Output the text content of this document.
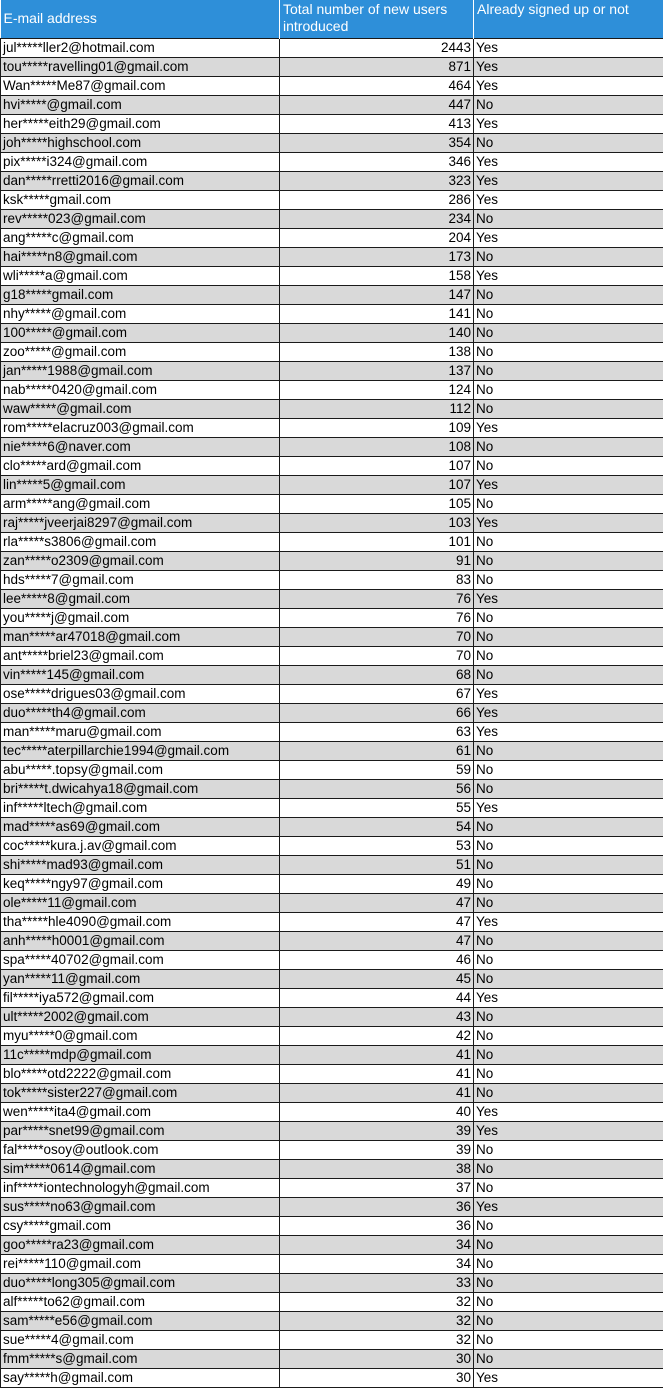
E-mail address	Total number of new users introduced	Already signed up or not
jul*****ller2@hotmail.com	2443	Yes
tou*****ravelling01@gmail.com	871	Yes
Wan*****Me87@gmail.com	464	Yes
hvi*****@gmail.com	447	No
her*****eith29@gmail.com	413	Yes
joh*****highschool.com	354	No
pix*****i324@gmail.com	346	Yes
dan*****rretti2016@gmail.com	323	Yes
ksk*****gmail.com	286	Yes
rev*****023@gmail.com	234	No
ang*****c@gmail.com	204	Yes
hai*****n8@gmail.com	173	No
wli*****a@gmail.com	158	Yes
g18*****gmail.com	147	No
nhy*****@gmail.com	141	No
100*****@gmail.com	140	No
zoo*****@gmail.com	138	No
jan*****1988@gmail.com	137	No
nab*****0420@gmail.com	124	No
waw*****@gmail.com	112	No
rom*****elacruz003@gmail.com	109	Yes
nie*****6@naver.com	108	No
clo*****ard@gmail.com	107	No
lin*****5@gmail.com	107	Yes
arm*****ang@gmail.com	105	No
raj*****jveerjai8297@gmail.com	103	Yes
rla*****s3806@gmail.com	101	No
zan*****o2309@gmail.com	91	No
hds*****7@gmail.com	83	No
lee*****8@gmail.com	76	Yes
you*****j@gmail.com	76	No
man*****ar47018@gmail.com	70	No
ant*****briel23@gmail.com	70	No
vin*****145@gmail.com	68	No
ose*****drigues03@gmail.com	67	Yes
duo*****th4@gmail.com	66	Yes
man*****maru@gmail.com	63	Yes
tec*****aterpillarchie1994@gmail.com	61	No
abu*****.topsy@gmail.com	59	No
bri*****t.dwicahya18@gmail.com	56	No
inf*****ltech@gmail.com	55	Yes
mad*****as69@gmail.com	54	No
coc*****kura.j.av@gmail.com	53	No
shi*****mad93@gmail.com	51	No
keq*****ngy97@gmail.com	49	No
ole*****11@gmail.com	47	No
tha*****hle4090@gmail.com	47	Yes
anh*****h0001@gmail.com	47	No
spa*****40702@gmail.com	46	No
yan*****11@gmail.com	45	No
fil*****iya572@gmail.com	44	Yes
ult*****2002@gmail.com	43	No
myu*****0@gmail.com	42	No
11c*****mdp@gmail.com	41	No
blo*****otd2222@gmail.com	41	No
tok*****sister227@gmail.com	41	No
wen*****ita4@gmail.com	40	Yes
par*****snet99@gmail.com	39	Yes
fal*****osoy@outlook.com	39	No
sim*****0614@gmail.com	38	No
inf*****iontechnologyh@gmail.com	37	No
sus*****no63@gmail.com	36	Yes
csy*****gmail.com	36	No
goo*****ra23@gmail.com	34	No
rei*****110@gmail.com	34	No
duo*****long305@gmail.com	33	No
alf*****to62@gmail.com	32	No
sam*****e56@gmail.com	32	No
sue*****4@gmail.com	32	No
fmm*****s@gmail.com	30	No
say*****h@gmail.com	30	Yes
